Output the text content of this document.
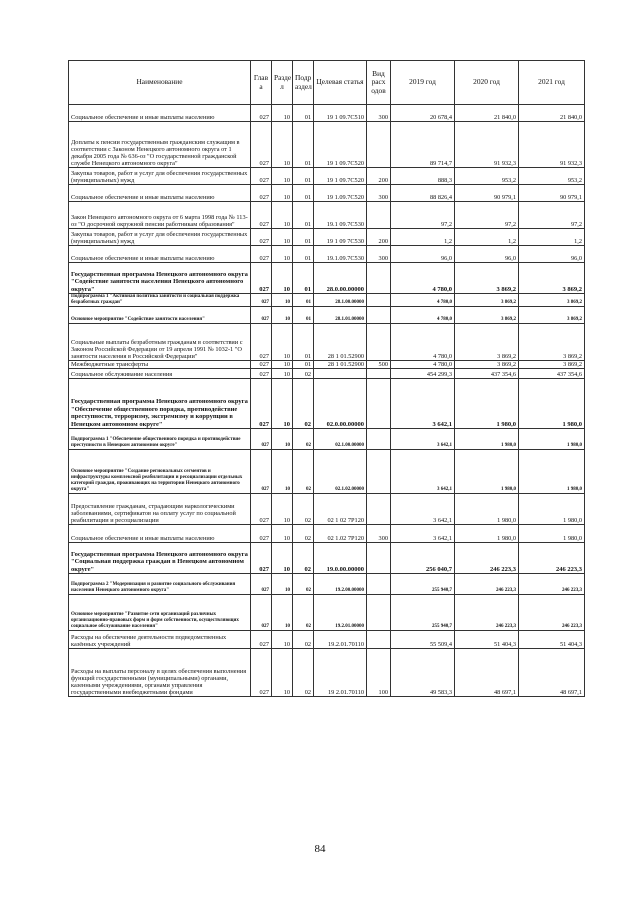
Наименование	Глав а	Разде л	Подр аздел	Целевая статья	Вид расх одов	2019 год	2020 год	2021 год
Социальное обеспечение и иные выплаты населению	027	10	01	19 1 09.7С510	300	20 678,4	21 840,0	21 840,0
Доплаты к пенсии государственным гражданским служащим в соответствии с Законом Ненецкого автономного округа от 1 декабря 2005 года № 636-оз "О государственной гражданской службе Ненецкого автономного округа"	027	10	01	19 1 09.7С520		89 714,7	91 932,3	91 932,3
Закупка товаров, работ и услуг для обеспечения государственных (муниципальных) нужд	027	10	01	19 1 09.7С520	200	888,3	953,2	953,2
Социальное обеспечение и иные выплаты населению	027	10	01	19 1.09.7С520	300	88 826,4	90 979,1	90 979,1
Закон Ненецкого автономного округа от 6 марта 1998 года № 113-оз "О досрочной окружной пенсии работникам образования"	027	10	01	19.1 09.7С530		97,2	97,2	97,2
Закупка товаров, работ и услуг для обеспечения государственных (муниципальных) нужд	027	10	01	19 1 09 7С530	200	1,2	1,2	1,2
Социальное обеспечение и иные выплаты населению	027	10	01	19.1.09.7С530	300	96,0	96,0	96,0
Государственная программа Ненецкого автономного округа "Содействие занятости населения Ненецкого автономного округа"	027	10	01	28.0.00.00000		4 780,0	3 869,2	3 869,2
Подпрограмма 1 "Активная политика занятости и социальная поддержка безработных граждан"	027	10	01	28.1.00.00000		4 780,0	3 869,2	3 869,2
Основное мероприятие "Содействие занятости населения"	027	10	01	28.1.01.00000		4 780,0	3 869,2	3 869,2
Социальные выплаты безработным гражданам в соответствии с Законом Российской Федерации от 19 апреля 1991 № 1032-1 "О занятости населения в Российской Федерации"	027	10	01	28 1 01.52900		4 780,0	3 869,2	3 869,2
Межбюджетные трансферты	027	10	01	28 1 01.52900	500	4 780,0	3 869,2	3 869,2
Социальное обслуживание населения	027	10	02			454 299,3	437 354,6	437 354,6
Государственная программа Ненецкого автономного округа "Обеспечение общественного порядка, противодействие преступности, терроризму, экстремизму и коррупции в Ненецком автономном округе"	027	10	02	02.0.00.00000		3 642,1	1 980,0	1 980,0
Подпрограмма 1 "Обеспечение общественного порядка и противодействие преступности в Ненецком автономном округе"	027	10	02	02.1.00.00000		3 642,1	1 980,0	1 980,0
Основное мероприятие "Создание региональных сегментов и инфраструктуры комплексной реабилитации и ресоциализации отдельных категорий граждан, проживающих на территории Ненецкого автономного округа"	027	10	02	02.1.02.00000		3 642,1	1 980,0	1 980,0
Предоставление гражданам, страдающим наркологическими заболеваниями, сертификатов на оплату услуг по социальной реабилитации и ресоциализации	027	10	02	02 1 02 7Р120		3 642,1	1 980,0	1 980,0
Социальное обеспечение и иные выплаты населению	027	10	02	02 1.02 7Р120	300	3 642,1	1 980,0	1 980,0
Государственная программа Ненецкого автономного округа "Социальная поддержка граждан в Ненецком автономном округе"	027	10	02	19.0.00.00000		256 040,7	246 223,3	246 223,3
Подпрограмма 2 "Модернизация и развитие социального обслуживания населения Ненецкого автономного округа"	027	10	02	19.2.00.00000		255 940,7	246 223,3	246 223,3
Основное мероприятие "Развитие сети организаций различных организационно-правовых форм и форм собственности, осуществляющих социальное обслуживание населения"	027	10	02	19.2.01.00000		255 940,7	246 223,3	246 223,3
Расходы на обеспечение деятельности подведомственных казённых учреждений	027	10	02	19.2.01.70110		55 509,4	51 404,3	51 404,3
Расходы на выплаты персоналу в целях обеспечения выполнения функций государственными (муниципальными) органами, казенными учреждениями, органами управления государственными внебюджетными фондами	027	10	02	19 2.01.70110	100	49 583,3	48 697,1	48 697,1
84
